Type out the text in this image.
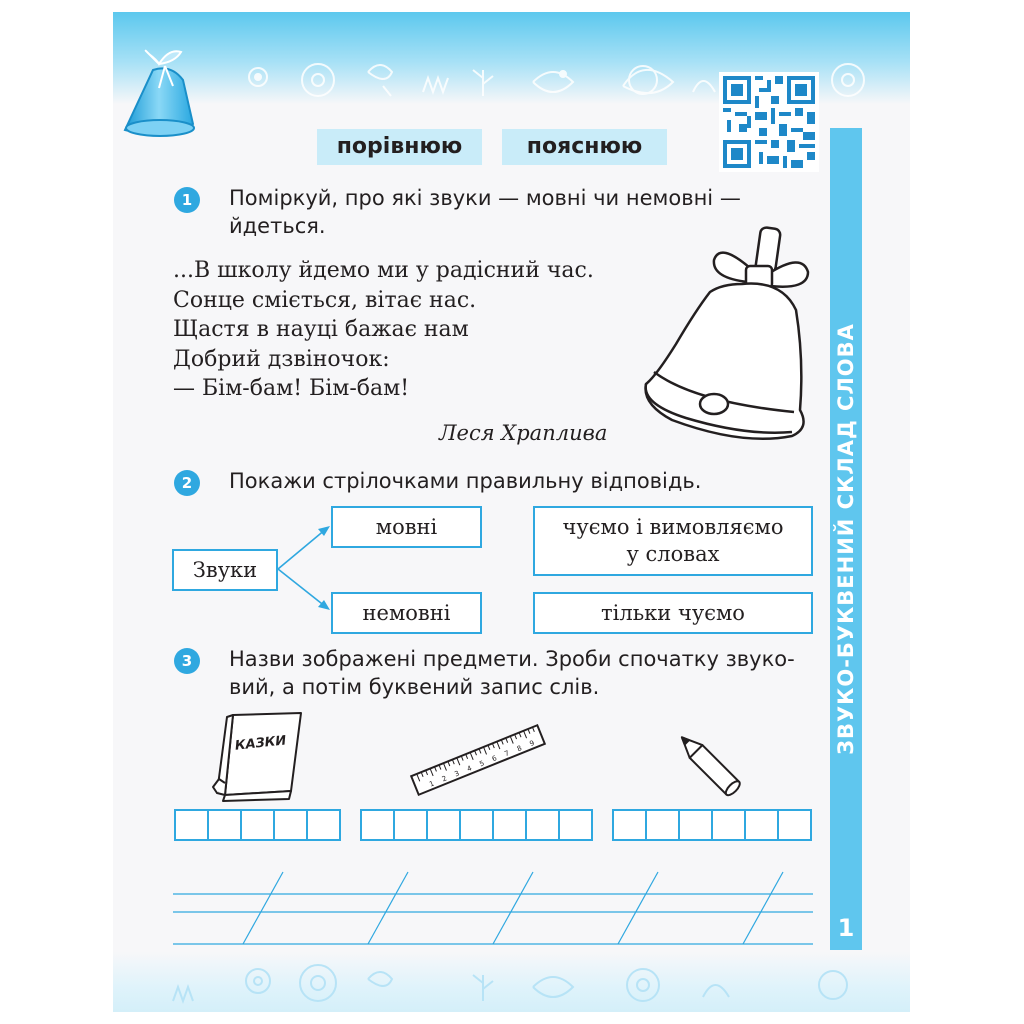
порівнюю	пояснюю
ЗВУКО-БУКВЕНИЙ СКЛАД СЛОВА
1
1	Поміркуй, про які звуки — мовні чи немовні —
йдеться.
...В школу йдемо ми у радісний час.
Сонце сміється, вітає нас.
Щастя в науці бажає нам
Добрий дзвіночок:
— Бім-бам! Бім-бам!
Леся Храплива
2	Покажи стрілочками правильну відповідь.
Звуки
мовні
немовні
чуємо і вимовляємо
у словах
тільки чуємо
3	Назви зображені предмети. Зроби спочатку звуко-
вий, а потім буквений запис слів.
КАЗКИ
1
2
3
4
5
6
7
8
9
